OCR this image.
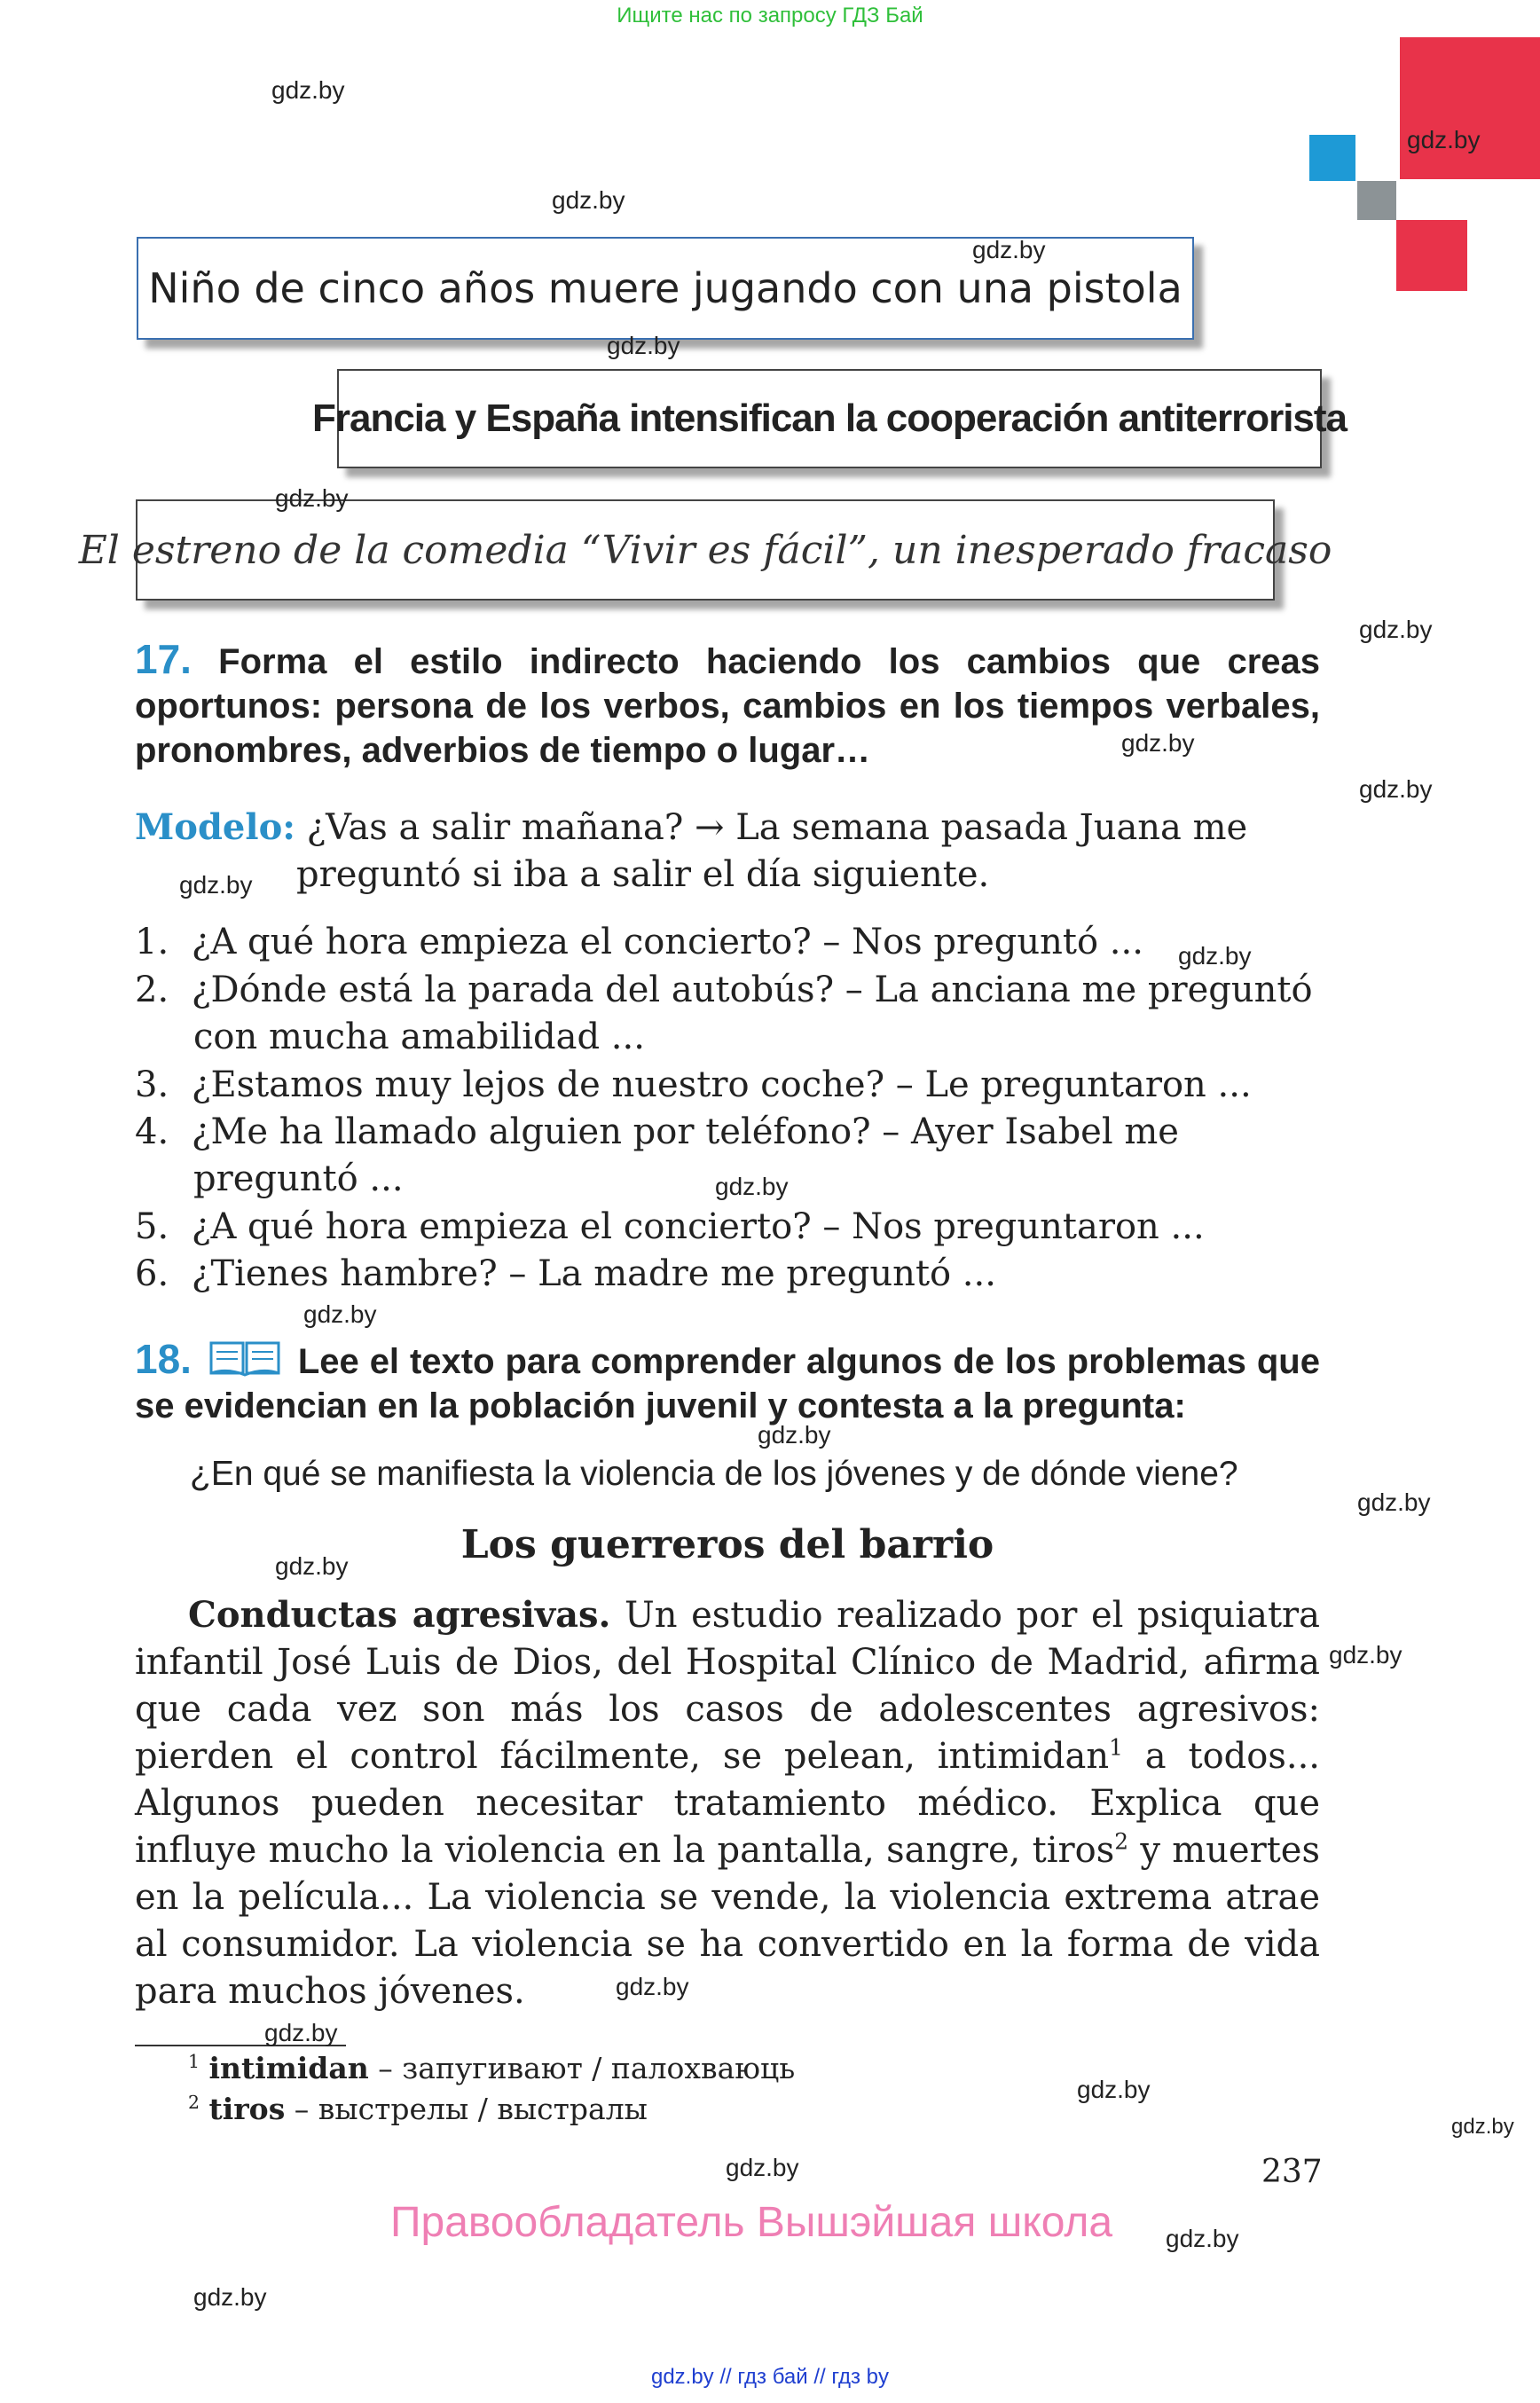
Ищите нас по запросу ГДЗ Бай
Niño de cinco años muere jugando con una pistola
Francia y España intensifican la cooperación antiterrorista
El estreno de la comedia “Vivir es fácil”, un inesperado fracaso
17. Forma el estilo indirecto haciendo los cambios que creas oportunos: persona de los verbos, cambios en los tiempos verbales, pronombres, adverbios de tiempo o lugar…
Modelo: ¿Vas a salir mañana? → La semana pasada Juana me
preguntó si iba a salir el día siguiente.
1. ¿A qué hora empieza el concierto? – Nos preguntó ...
2. ¿Dónde está la parada del autobús? – La anciana me preguntó
con mucha amabilidad ...
3. ¿Estamos muy lejos de nuestro coche? – Le preguntaron ...
4. ¿Me ha llamado alguien por teléfono? – Ayer Isabel me
preguntó ...
5. ¿A qué hora empieza el concierto? – Nos preguntaron ...
6. ¿Tienes hambre? – La madre me preguntó ...
18.	Lee el texto para comprender algunos de los problemas que se evidencian en la población juvenil y contesta a la pregunta:
¿En qué se manifiesta la violencia de los jóvenes y de dónde viene?
Los guerreros del barrio
Conductas agresivas. Un estudio realizado por el psiquiatra infantil José Luis de Dios, del Hospital Clínico de Madrid, afirma que cada vez son más los casos de adolescentes agresivos: pierden el control fácilmente, se pelean, intimidan$^1$ a todos... Algunos pueden necesitar tratamiento médico. Explica que influye mucho la violencia en la pantalla, sangre, tiros$^2$ y muertes en la película... La violencia se vende, la violencia extrema atrae al consumidor. La violencia se ha convertido en la forma de vida para muchos jóvenes.
$^1$ intimidan – запугивают / палохваюць
$^2$ tiros – выстрелы / выстралы
237
Правообладатель Вышэйшая школа
gdz.by
gdz.by
gdz.by
gdz.by
gdz.by
gdz.by
gdz.by
gdz.by
gdz.by
gdz.by
gdz.by
gdz.by
gdz.by
gdz.by
gdz.by
gdz.by
gdz.by
gdz.by
gdz.by
gdz.by
gdz.by
gdz.by
gdz.by
gdz.by
gdz.by // гдз бай // гдз by
